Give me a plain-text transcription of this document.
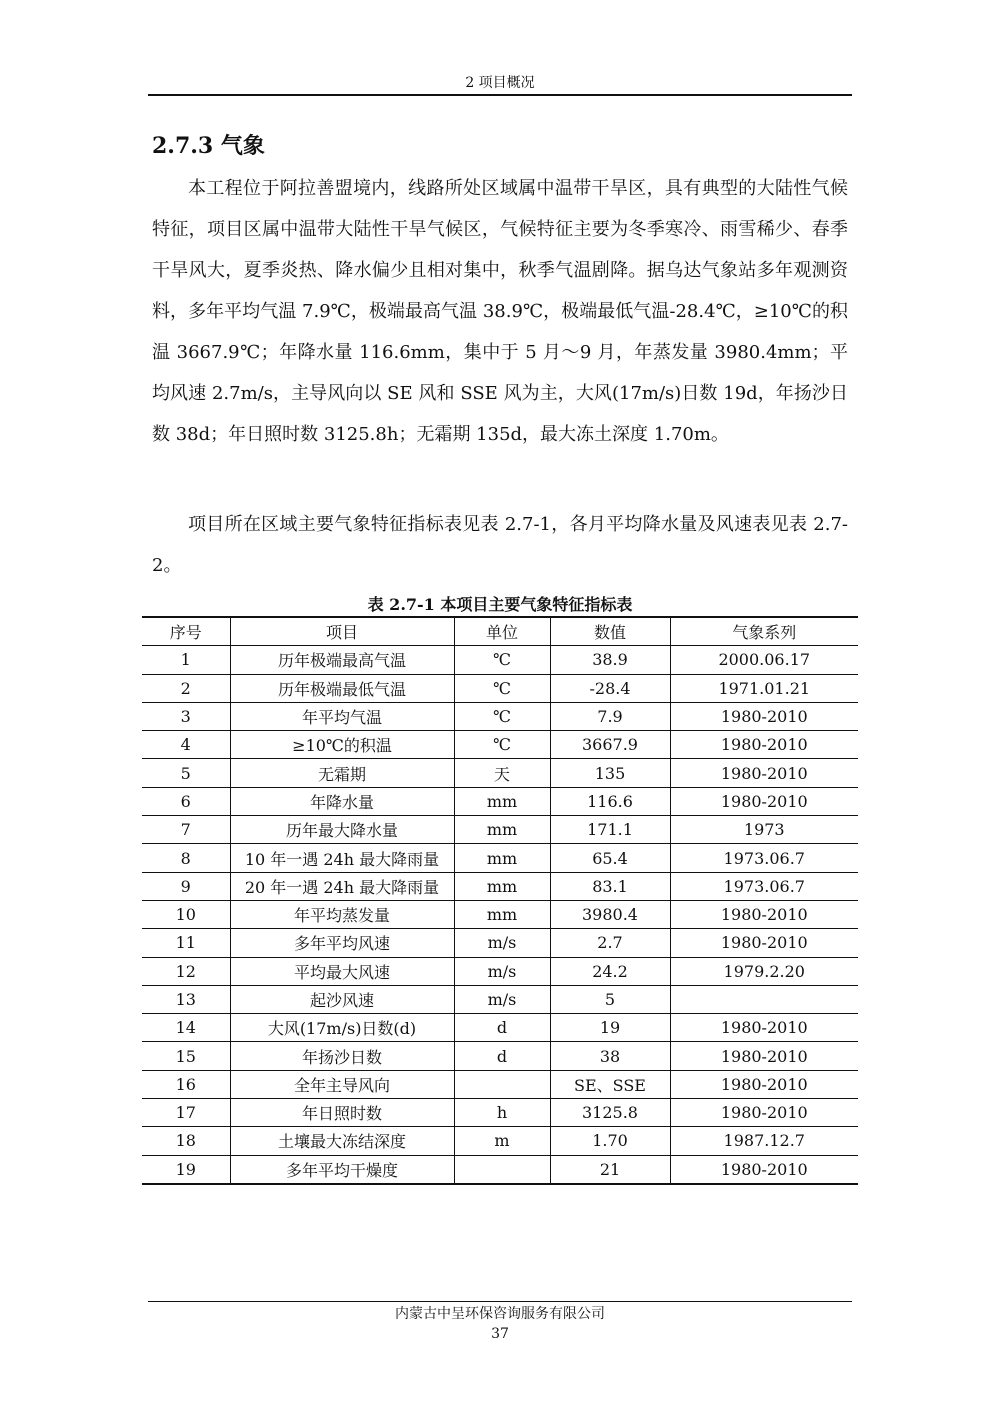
2 项目概况
2.7.3 气象

本工程位于阿拉善盟境内，线路所处区域属中温带干旱区，具有典型的大陆性气候特征，项目区属中温带大陆性干旱气候区，气候特征主要为冬季寒冷、雨雪稀少、春季干旱风大，夏季炎热、降水偏少且相对集中，秋季气温剧降。据乌达气象站多年观测资料，多年平均气温 7.9℃，极端最高气温 38.9℃，极端最低气温-28.4℃，≥10℃的积温 3667.9℃；年降水量 116.6mm，集中于 5 月～9 月，年蒸发量 3980.4mm；平均风速 2.7m/s，主导风向以 SE 风和 SSE 风为主，大风(17m/s)日数 19d，年扬沙日数 38d；年日照时数 3125.8h；无霜期 135d，最大冻土深度 1.70m。

项目所在区域主要气象特征指标表见表 2.7-1，各月平均降水量及风速表见表 2.7-2。

表 2.7-1 本项目主要气象特征指标表
序号	项目	单位	数值	气象系列
1	历年极端最高气温	℃	38.9	2000.06.17
2	历年极端最低气温	℃	-28.4	1971.01.21
3	年平均气温	℃	7.9	1980-2010
4	≥10℃的积温	℃	3667.9	1980-2010
5	无霜期	天	135	1980-2010
6	年降水量	mm	116.6	1980-2010
7	历年最大降水量	mm	171.1	1973
8	10 年一遇 24h 最大降雨量	mm	65.4	1973.06.7
9	20 年一遇 24h 最大降雨量	mm	83.1	1973.06.7
10	年平均蒸发量	mm	3980.4	1980-2010
11	多年平均风速	m/s	2.7	1980-2010
12	平均最大风速	m/s	24.2	1979.2.20
13	起沙风速	m/s	5	
14	大风(17m/s)日数(d)	d	19	1980-2010
15	年扬沙日数	d	38	1980-2010
16	全年主导风向		SE、SSE	1980-2010
17	年日照时数	h	3125.8	1980-2010
18	土壤最大冻结深度	m	1.70	1987.12.7
19	多年平均干燥度		21	1980-2010
内蒙古中呈环保咨询服务有限公司
37
